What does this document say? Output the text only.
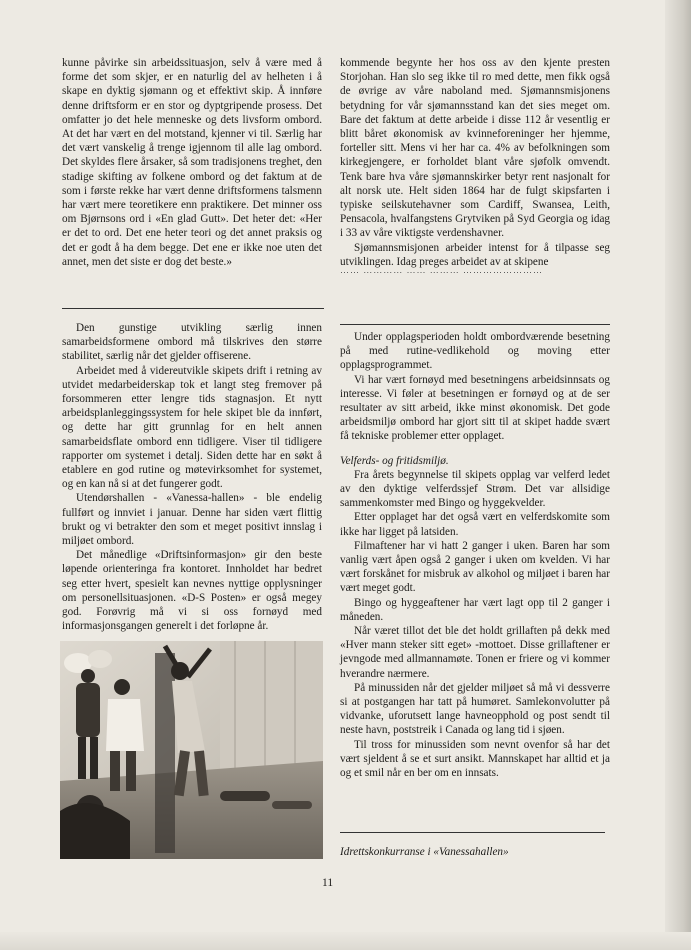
kunne påvirke sin arbeidssituasjon, selv å være med å forme det som skjer, er en naturlig del av helheten i å skape en dyktig sjømann og et effektivt skip. Å innføre denne driftsform er en stor og dyptgripende prosess. Det omfatter jo det hele menneske og dets livsform ombord. At det har vært en del motstand, kjenner vi til. Særlig har det vært vanskelig å trenge igjennom til alle lag ombord. Det skyldes flere årsaker, så som tradisjonens treghet, den stadige skifting av folkene ombord og det faktum at de som i første rekke har vært denne driftsformens talsmenn har vært mere teoretikere enn praktikere. Det minner oss om Bjørnsons ord i «En glad Gutt». Det heter det: «Her er det to ord. Det ene heter teori og det annet praksis og det er godt å ha dem begge. Det ene er ikke noe uten det annet, men det siste er dog det beste.»

Den gunstige utvikling særlig innen samarbeidsformene ombord må tilskrives den større stabilitet, særlig når det gjelder offiserene.

Arbeidet med å videreutvikle skipets drift i retning av utvidet medarbeiderskap tok et langt steg fremover på forsommeren etter lengre tids stagnasjon. Et nytt arbeidsplanleggingssystem for hele skipet ble da innført, og dette har gitt grunnlag for en helt annen samarbeidsflate ombord enn tidligere. Viser til tidligere rapporter om systemet i detalj. Siden dette har en søkt å etablere en god rutine og møtevirksomhet for systemet, og en kan nå si at det fungerer godt.

Utendørshallen - «Vanessa-hallen» - ble endelig fullført og innviet i januar. Denne har siden vært flittig brukt og vi betrakter den som et meget positivt innslag i miljøet ombord.

Det månedlige «Driftsinformasjon» gir den beste løpende orienteringa fra kontoret. Innholdet har bedret seg etter hvert, spesielt kan nevnes nyttige opplysninger om personellsituasjonen. «D-S Posten» er også megey god. Forøvrig må vi si oss fornøyd med informasjonsgangen generelt i det forløpne år.

kommende begynte her hos oss av den kjente presten Storjohan. Han slo seg ikke til ro med dette, men fikk også de øvrige av våre naboland med. Sjømannsmisjonens betydning for vår sjømannsstand kan det sies meget om. Bare det faktum at dette arbeide i disse 112 år vesentlig er blitt båret økonomisk av kvinneforeninger her hjemme, forteller sitt. Mens vi her har ca. 4% av befolkningen som kirkegjengere, er forholdet blant våre sjøfolk omvendt. Tenk bare hva våre sjømannskirker betyr rent nasjonalt for alt norsk ute. Helt siden 1864 har de fulgt skipsfarten i typiske seilskutehavner som Cardiff, Swansea, Leith, Pensacola, hvalfangstens Grytviken på Syd Georgia og idag i 33 av våre viktigste verdenshavner.

Sjømannsmisjonen arbeider intenst for å tilpasse seg utviklingen. Idag preges arbeidet av at skipene

⋯⋯ ⋯⋯⋯⋯ ⋯⋯ ⋯⋯⋯ ⋯⋯⋯⋯⋯⋯⋯⋯

Under opplagsperioden holdt ombordværende besetning på med rutine-vedlikehold og moving etter opplagsprogrammet.

Vi har vært fornøyd med besetningens arbeidsinnsats og interesse. Vi føler at besetningen er fornøyd og at de ser resultater av sitt arbeid, ikke minst økonomisk. Det gode arbeidsmiljø ombord har gjort sitt til at skipet hadde svært få tekniske problemer etter opplaget.

Velferds- og fritidsmiljø.

Fra årets begynnelse til skipets opplag var velferd ledet av den dyktige velferdssjef Strøm. Det var allsidige sammenkomster med Bingo og hyggekvelder.

Etter opplaget har det også vært en velferdskomite som ikke har ligget på latsiden.

Filmaftener har vi hatt 2 ganger i uken. Baren har som vanlig vært åpen også 2 ganger i uken om kvelden. Vi har vært forskånet for misbruk av alkohol og miljøet i baren har vært meget godt.

Bingo og hyggeaftener har vært lagt opp til 2 ganger i måneden.

Når været tillot det ble det holdt grillaften på dekk med «Hver mann steker sitt eget» -mottoet. Disse grillaftener er jevngode med allmannamøte. Tonen er friere og vi kommer hverandre nærmere.

På minussiden når det gjelder miljøet så må vi dessverre si at postgangen har tatt på humøret. Samlekonvolutter på vidvanke, uforutsett lange havneopphold og post sendt til neste havn, poststreik i Canada og lang tid i sjøen.

Til tross for minussiden som nevnt ovenfor så har det vært sjeldent å se et surt ansikt. Mannskapet har alltid et ja og et smil når en ber om en innsats.

Idrettskonkurranse i «Vanessahallen»
11
